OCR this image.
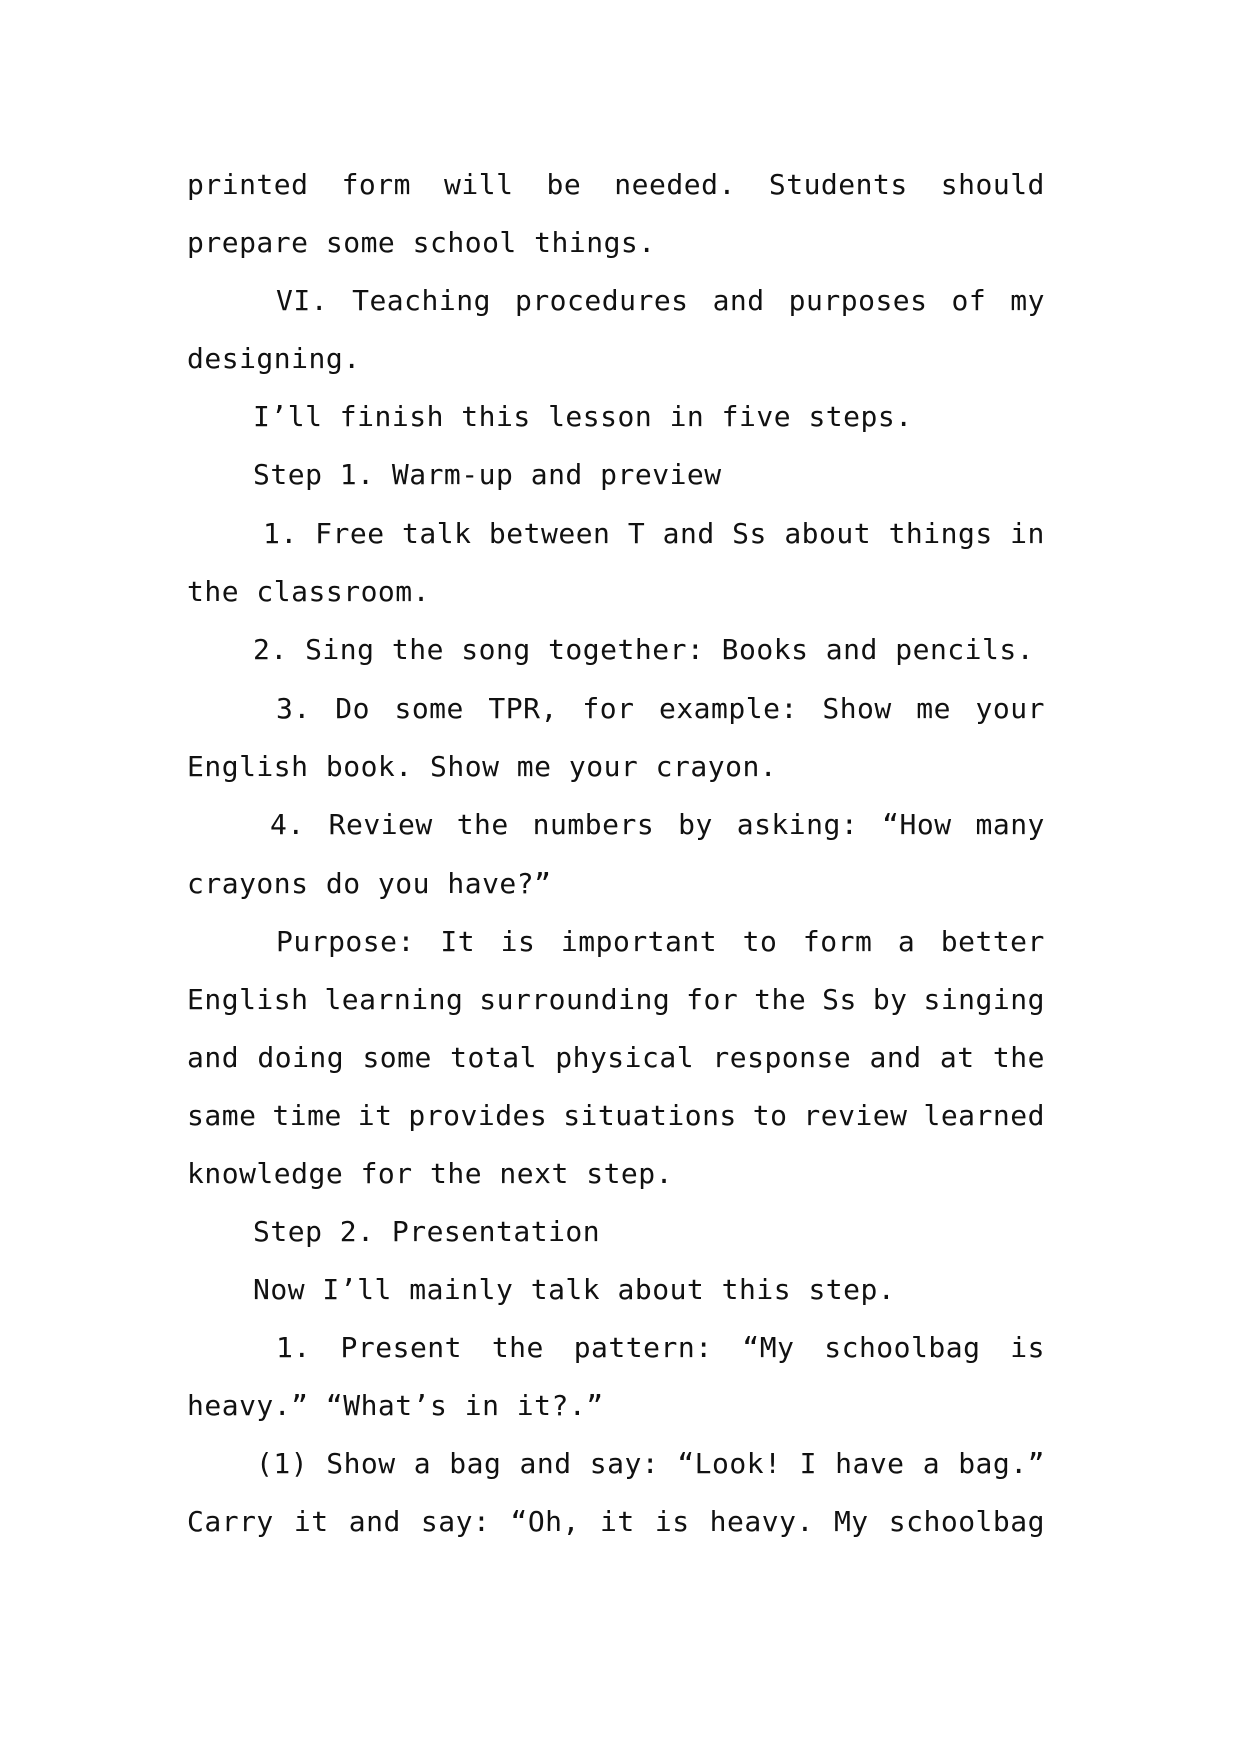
printed form will be needed. Students should
prepare some school things.
VI. Teaching procedures and purposes of my
designing.
I’ll finish this lesson in five steps.
Step 1. Warm-up and preview
1. Free talk between T and Ss about things in
the classroom.
2. Sing the song together: Books and pencils.
3. Do some TPR, for example: Show me your
English book. Show me your crayon.
4. Review the numbers by asking: “How many
crayons do you have?”
Purpose: It is important to form a better
English learning surrounding for the Ss by singing
and doing some total physical response and at the
same time it provides situations to review learned
knowledge for the next step.
Step 2. Presentation
Now I’ll mainly talk about this step.
1. Present the pattern: “My schoolbag is
heavy.” “What’s in it?.”
(1) Show a bag and say: “Look! I have a bag.”
Carry it and say: “Oh, it is heavy. My schoolbag
